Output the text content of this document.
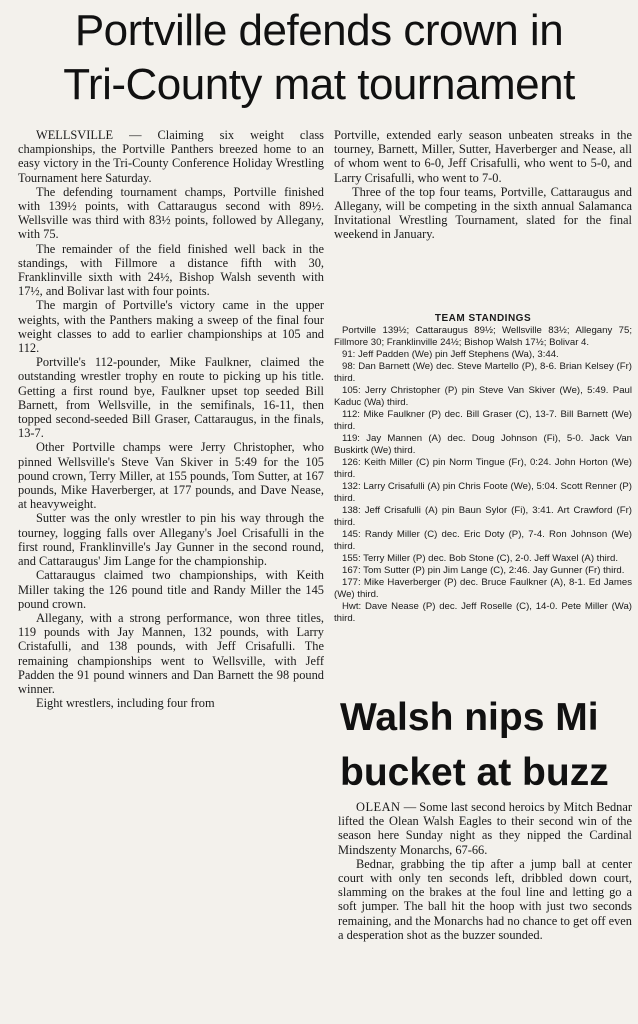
Portville defends crown in
Tri-County mat tournament

WELLSVILLE — Claiming six weight class championships, the Portville Panthers breezed home to an easy victory in the Tri-County Conference Holiday Wrestling Tournament here Saturday.

The defending tournament champs, Portville finished with 139½ points, with Cattaraugus second with 89½. Wellsville was third with 83½ points, followed by Allegany, with 75.

The remainder of the field finished well back in the standings, with Fillmore a distance fifth with 30, Franklinville sixth with 24½, Bishop Walsh seventh with 17½, and Bolivar last with four points.

The margin of Portville's victory came in the upper weights, with the Panthers making a sweep of the final four weight classes to add to earlier championships at 105 and 112.

Portville's 112-pounder, Mike Faulkner, claimed the outstanding wrestler trophy en route to picking up his title. Getting a first round bye, Faulkner upset top seeded Bill Barnett, from Wellsville, in the semifinals, 16-11, then topped second-seeded Bill Graser, Cattaraugus, in the finals, 13-7.

Other Portville champs were Jerry Christopher, who pinned Wellsville's Steve Van Skiver in 5:49 for the 105 pound crown, Terry Miller, at 155 pounds, Tom Sutter, at 167 pounds, Mike Haverberger, at 177 pounds, and Dave Nease, at heavyweight.

Sutter was the only wrestler to pin his way through the tourney, logging falls over Allegany's Joel Crisafulli in the first round, Franklinville's Jay Gunner in the second round, and Cattaraugus' Jim Lange for the championship.

Cattaraugus claimed two championships, with Keith Miller taking the 126 pound title and Randy Miller the 145 pound crown.

Allegany, with a strong performance, won three titles, 119 pounds with Jay Mannen, 132 pounds, with Larry Cristafulli, and 138 pounds, with Jeff Crisafulli. The remaining championships went to Wellsville, with Jeff Padden the 91 pound winners and Dan Barnett the 98 pound winner.

Eight wrestlers, including four from

Portville, extended early season unbeaten streaks in the tourney, Barnett, Miller, Sutter, Haverberger and Nease, all of whom went to 6-0, Jeff Crisafulli, who went to 5-0, and Larry Crisafulli, who went to 7-0.

Three of the top four teams, Portville, Cattaraugus and Allegany, will be competing in the sixth annual Salamanca Invitational Wrestling Tournament, slated for the final weekend in January.

TEAM STANDINGS
Portville 139½; Cattaraugus 89½; Wellsville 83½; Allegany 75; Fillmore 30; Franklinville 24½; Bishop Walsh 17½; Bolivar 4.
91: Jeff Padden (We) pin Jeff Stephens (Wa), 3:44.
98: Dan Barnett (We) dec. Steve Martello (P), 8-6. Brian Kelsey (Fr) third.
105: Jerry Christopher (P) pin Steve Van Skiver (We), 5:49. Paul Kaduc (Wa) third.
112: Mike Faulkner (P) dec. Bill Graser (C), 13-7. Bill Barnett (We) third.
119: Jay Mannen (A) dec. Doug Johnson (Fi), 5-0. Jack Van Buskirtk (We) third.
126: Keith Miller (C) pin Norm Tingue (Fr), 0:24. John Horton (We) third.
132: Larry Crisafulli (A) pin Chris Foote (We), 5:04. Scott Renner (P) third.
138: Jeff Crisafulli (A) pin Baun Sylor (Fi), 3:41. Art Crawford (Fr) third.
145: Randy Miller (C) dec. Eric Doty (P), 7-4. Ron Johnson (We) third.
155: Terry Miller (P) dec. Bob Stone (C), 2-0. Jeff Waxel (A) third.
167: Tom Sutter (P) pin Jim Lange (C), 2:46. Jay Gunner (Fr) third.
177: Mike Haverberger (P) dec. Bruce Faulkner (A), 8-1. Ed James (We) third.
Hwt: Dave Nease (P) dec. Jeff Roselle (C), 14-0. Pete Miller (Wa) third.
Walsh nips Mi
bucket at buzz

OLEAN — Some last second heroics by Mitch Bednar lifted the Olean Walsh Eagles to their second win of the season here Sunday night as they nipped the Cardinal Mindszenty Monarchs, 67-66.

Bednar, grabbing the tip after a jump ball at center court with only ten seconds left, dribbled down court, slamming on the brakes at the foul line and letting go a soft jumper. The ball hit the hoop with just two seconds remaining, and the Monarchs had no chance to get off even a desperation shot as the buzzer sounded.
